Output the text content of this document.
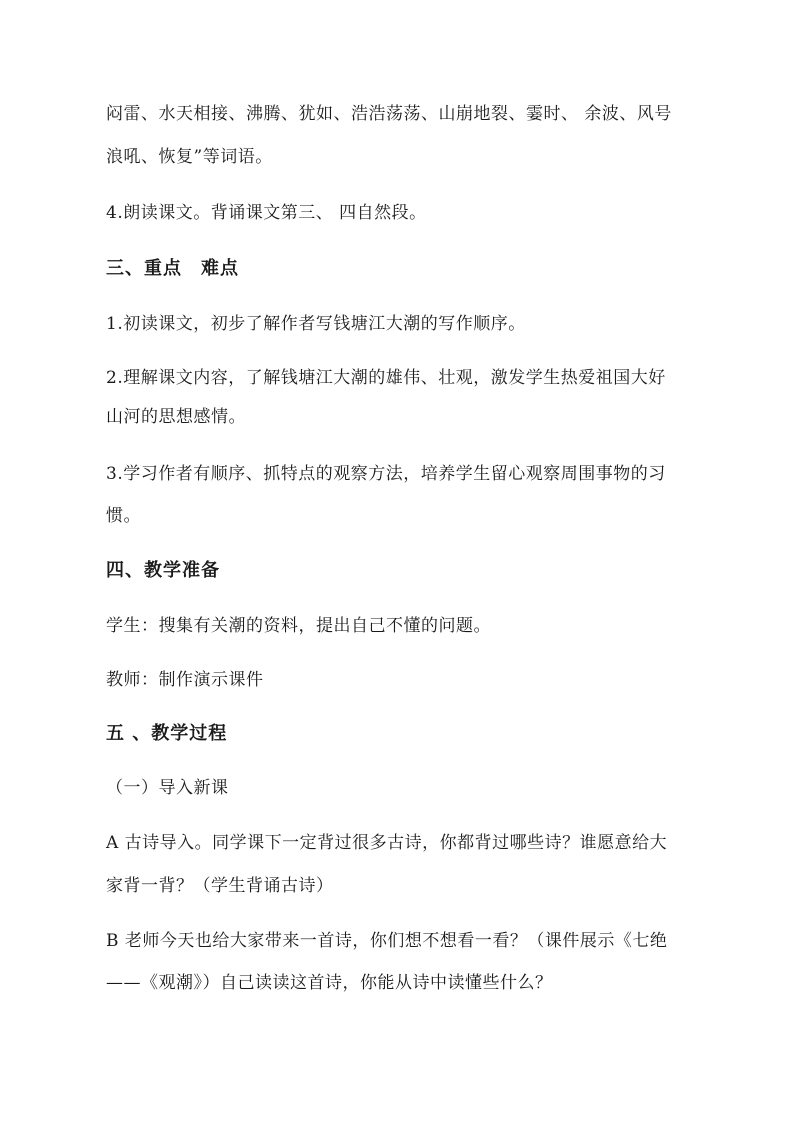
闷雷、水天相接、沸腾、犹如、浩浩荡荡、山崩地裂、霎时、 余波、风号
浪吼、恢复”等词语。
4.朗读课文。背诵课文第三、 四自然段。
三、重点　难点
1.初读课文，初步了解作者写钱塘江大潮的写作顺序。
2.理解课文内容，了解钱塘江大潮的雄伟、壮观，激发学生热爱祖国大好
山河的思想感情。
3.学习作者有顺序、抓特点的观察方法，培养学生留心观察周围事物的习
惯。
四、教学准备
学生：搜集有关潮的资料，提出自己不懂的问题。
教师：制作演示课件
五 、教学过程
（一）导入新课
A 古诗导入。同学课下一定背过很多古诗，你都背过哪些诗？谁愿意给大
家背一背？（学生背诵古诗）
B 老师今天也给大家带来一首诗，你们想不想看一看？（课件展示《七绝
——《观潮》）自己读读这首诗，你能从诗中读懂些什么？
